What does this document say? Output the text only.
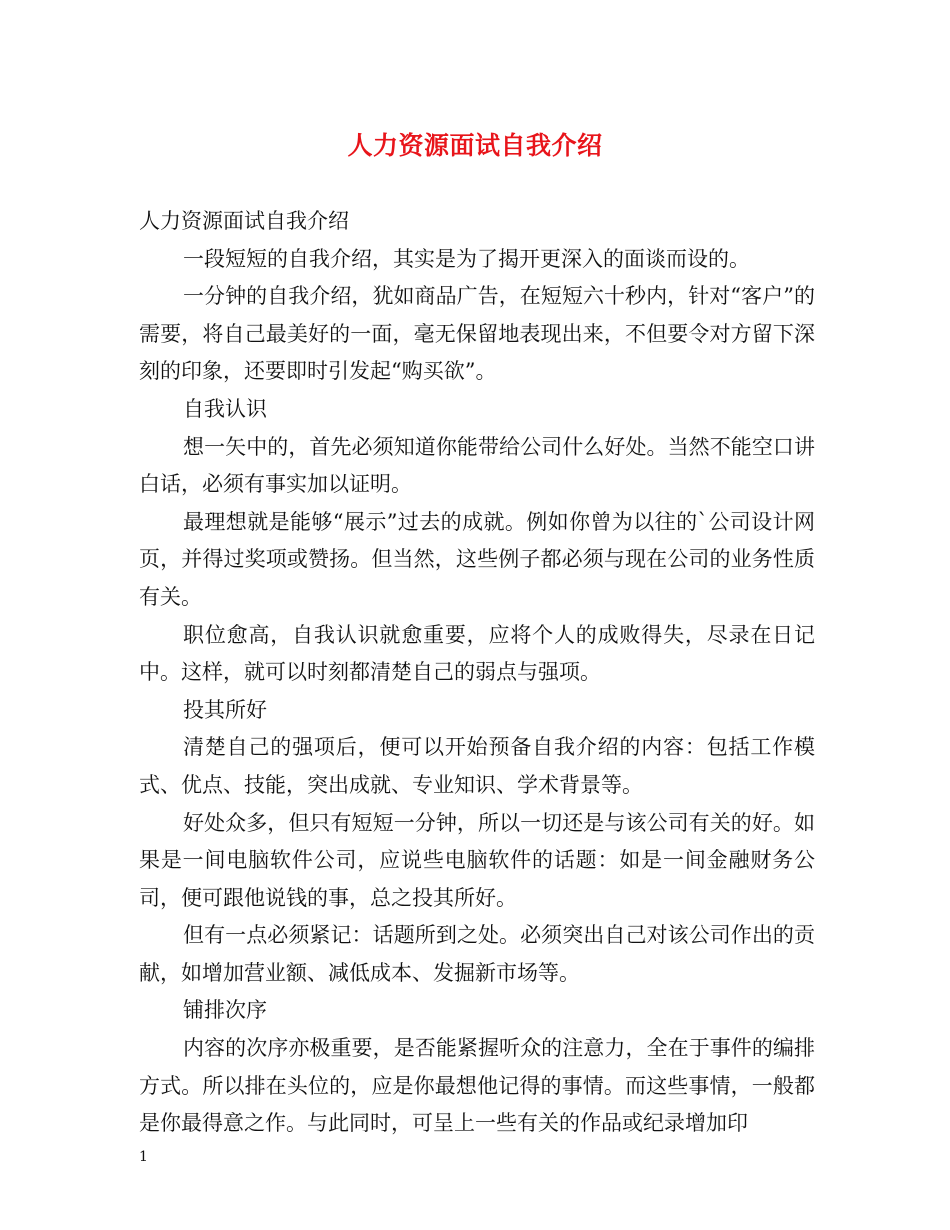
人力资源面试自我介绍

人力资源面试自我介绍

一段短短的自我介绍，其实是为了揭开更深入的面谈而设的。

一分钟的自我介绍，犹如商品广告，在短短六十秒内，针对“客户”的需要，将自己最美好的一面，毫无保留地表现出来，不但要令对方留下深刻的印象，还要即时引发起“购买欲”。

自我认识

想一矢中的，首先必须知道你能带给公司什么好处。当然不能空口讲白话，必须有事实加以证明。

最理想就是能够“展示”过去的成就。例如你曾为以往的`公司设计网页，并得过奖项或赞扬。但当然，这些例子都必须与现在公司的业务性质有关。

职位愈高，自我认识就愈重要，应将个人的成败得失，尽录在日记中。这样，就可以时刻都清楚自己的弱点与强项。

投其所好

清楚自己的强项后，便可以开始预备自我介绍的内容：包括工作模式、优点、技能，突出成就、专业知识、学术背景等。

好处众多，但只有短短一分钟，所以一切还是与该公司有关的好。如果是一间电脑软件公司，应说些电脑软件的话题：如是一间金融财务公司，便可跟他说钱的事，总之投其所好。

但有一点必须紧记：话题所到之处。必须突出自己对该公司作出的贡献，如增加营业额、减低成本、发掘新市场等。

铺排次序

内容的次序亦极重要，是否能紧握听众的注意力，全在于事件的编排方式。所以排在头位的，应是你最想他记得的事情。而这些事情，一般都是你最得意之作。与此同时，可呈上一些有关的作品或纪录增加印

1
